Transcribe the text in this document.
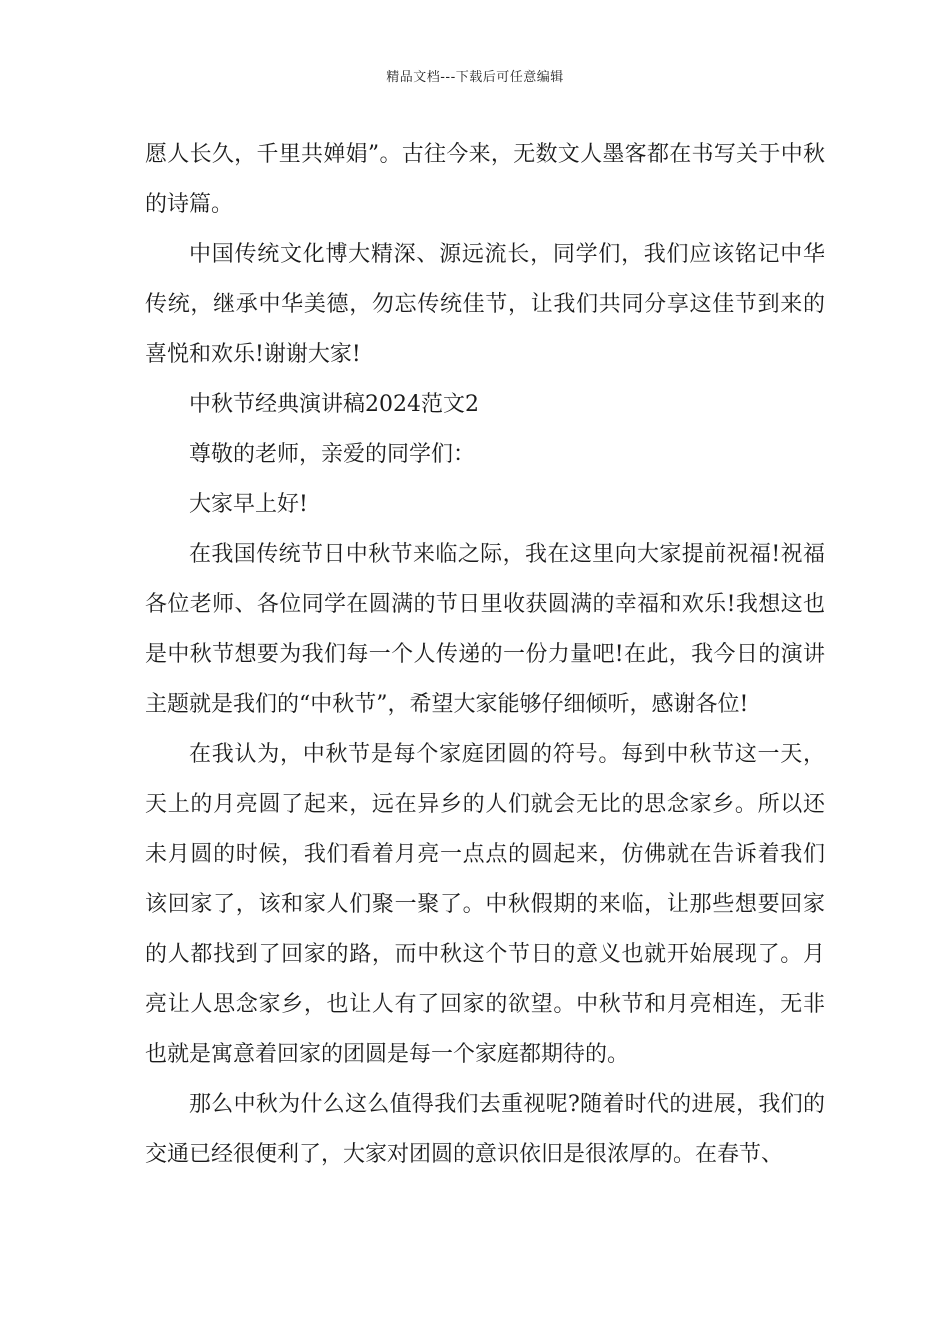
精品文档---下载后可任意编辑

愿人长久，千里共婵娟”。古往今来，无数文人墨客都在书写关于中秋的诗篇。

中国传统文化博大精深、源远流长，同学们，我们应该铭记中华传统，继承中华美德，勿忘传统佳节，让我们共同分享这佳节到来的喜悦和欢乐!谢谢大家!

中秋节经典演讲稿2024范文2

尊敬的老师，亲爱的同学们：

大家早上好!

在我国传统节日中秋节来临之际，我在这里向大家提前祝福!祝福各位老师、各位同学在圆满的节日里收获圆满的幸福和欢乐!我想这也是中秋节想要为我们每一个人传递的一份力量吧!在此，我今日的演讲主题就是我们的“中秋节”，希望大家能够仔细倾听，感谢各位!

在我认为，中秋节是每个家庭团圆的符号。每到中秋节这一天，天上的月亮圆了起来，远在异乡的人们就会无比的思念家乡。所以还未月圆的时候，我们看着月亮一点点的圆起来，仿佛就在告诉着我们该回家了，该和家人们聚一聚了。中秋假期的来临，让那些想要回家的人都找到了回家的路，而中秋这个节日的意义也就开始展现了。月亮让人思念家乡，也让人有了回家的欲望。中秋节和月亮相连，无非也就是寓意着回家的团圆是每一个家庭都期待的。

那么中秋为什么这么值得我们去重视呢?随着时代的进展，我们的交通已经很便利了，大家对团圆的意识依旧是很浓厚的。在春节、
